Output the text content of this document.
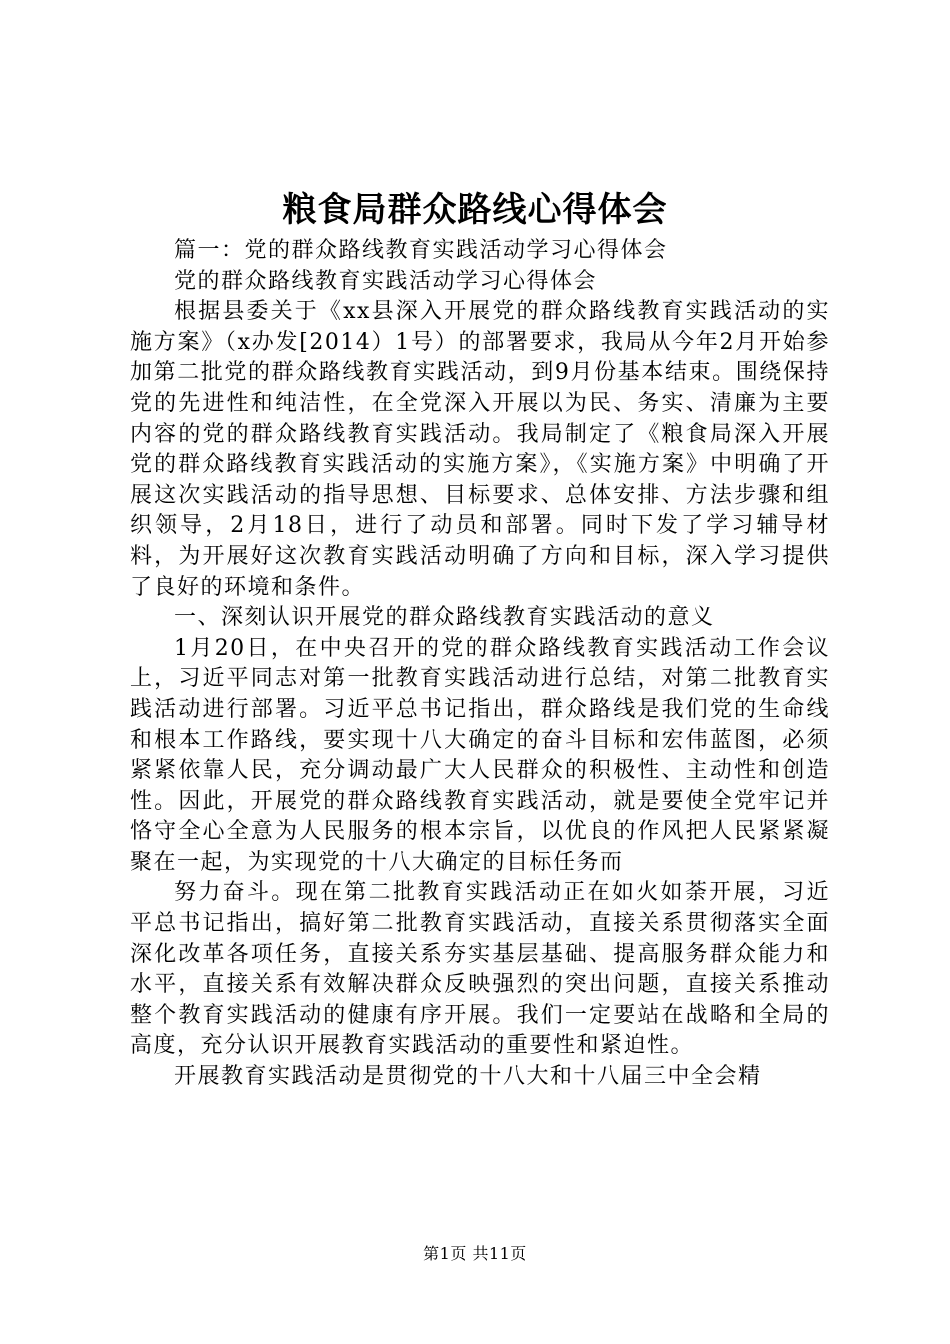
粮食局群众路线心得体会

篇一：党的群众路线教育实践活动学习心得体会

党的群众路线教育实践活动学习心得体会

根据县委关于《xx县深入开展党的群众路线教育实践活动的实施方案》（x办发[2014）1号）的部署要求，我局从今年2月开始参加第二批党的群众路线教育实践活动，到9月份基本结束。围绕保持党的先进性和纯洁性，在全党深入开展以为民、务实、清廉为主要内容的党的群众路线教育实践活动。我局制定了《粮食局深入开展党的群众路线教育实践活动的实施方案》，《实施方案》中明确了开展这次实践活动的指导思想、目标要求、总体安排、方法步骤和组织领导，2月18日，进行了动员和部署。同时下发了学习辅导材料，为开展好这次教育实践活动明确了方向和目标，深入学习提供了良好的环境和条件。

一、深刻认识开展党的群众路线教育实践活动的意义

1月20日，在中央召开的党的群众路线教育实践活动工作会议上，习近平同志对第一批教育实践活动进行总结，对第二批教育实践活动进行部署。习近平总书记指出，群众路线是我们党的生命线和根本工作路线，要实现十八大确定的奋斗目标和宏伟蓝图，必须紧紧依靠人民，充分调动最广大人民群众的积极性、主动性和创造性。因此，开展党的群众路线教育实践活动，就是要使全党牢记并恪守全心全意为人民服务的根本宗旨，以优良的作风把人民紧紧凝聚在一起，为实现党的十八大确定的目标任务而

努力奋斗。现在第二批教育实践活动正在如火如荼开展，习近平总书记指出，搞好第二批教育实践活动，直接关系贯彻落实全面深化改革各项任务，直接关系夯实基层基础、提高服务群众能力和水平，直接关系有效解决群众反映强烈的突出问题，直接关系推动整个教育实践活动的健康有序开展。我们一定要站在战略和全局的高度，充分认识开展教育实践活动的重要性和紧迫性。

开展教育实践活动是贯彻党的十八大和十八届三中全会精

第1页 共11页
